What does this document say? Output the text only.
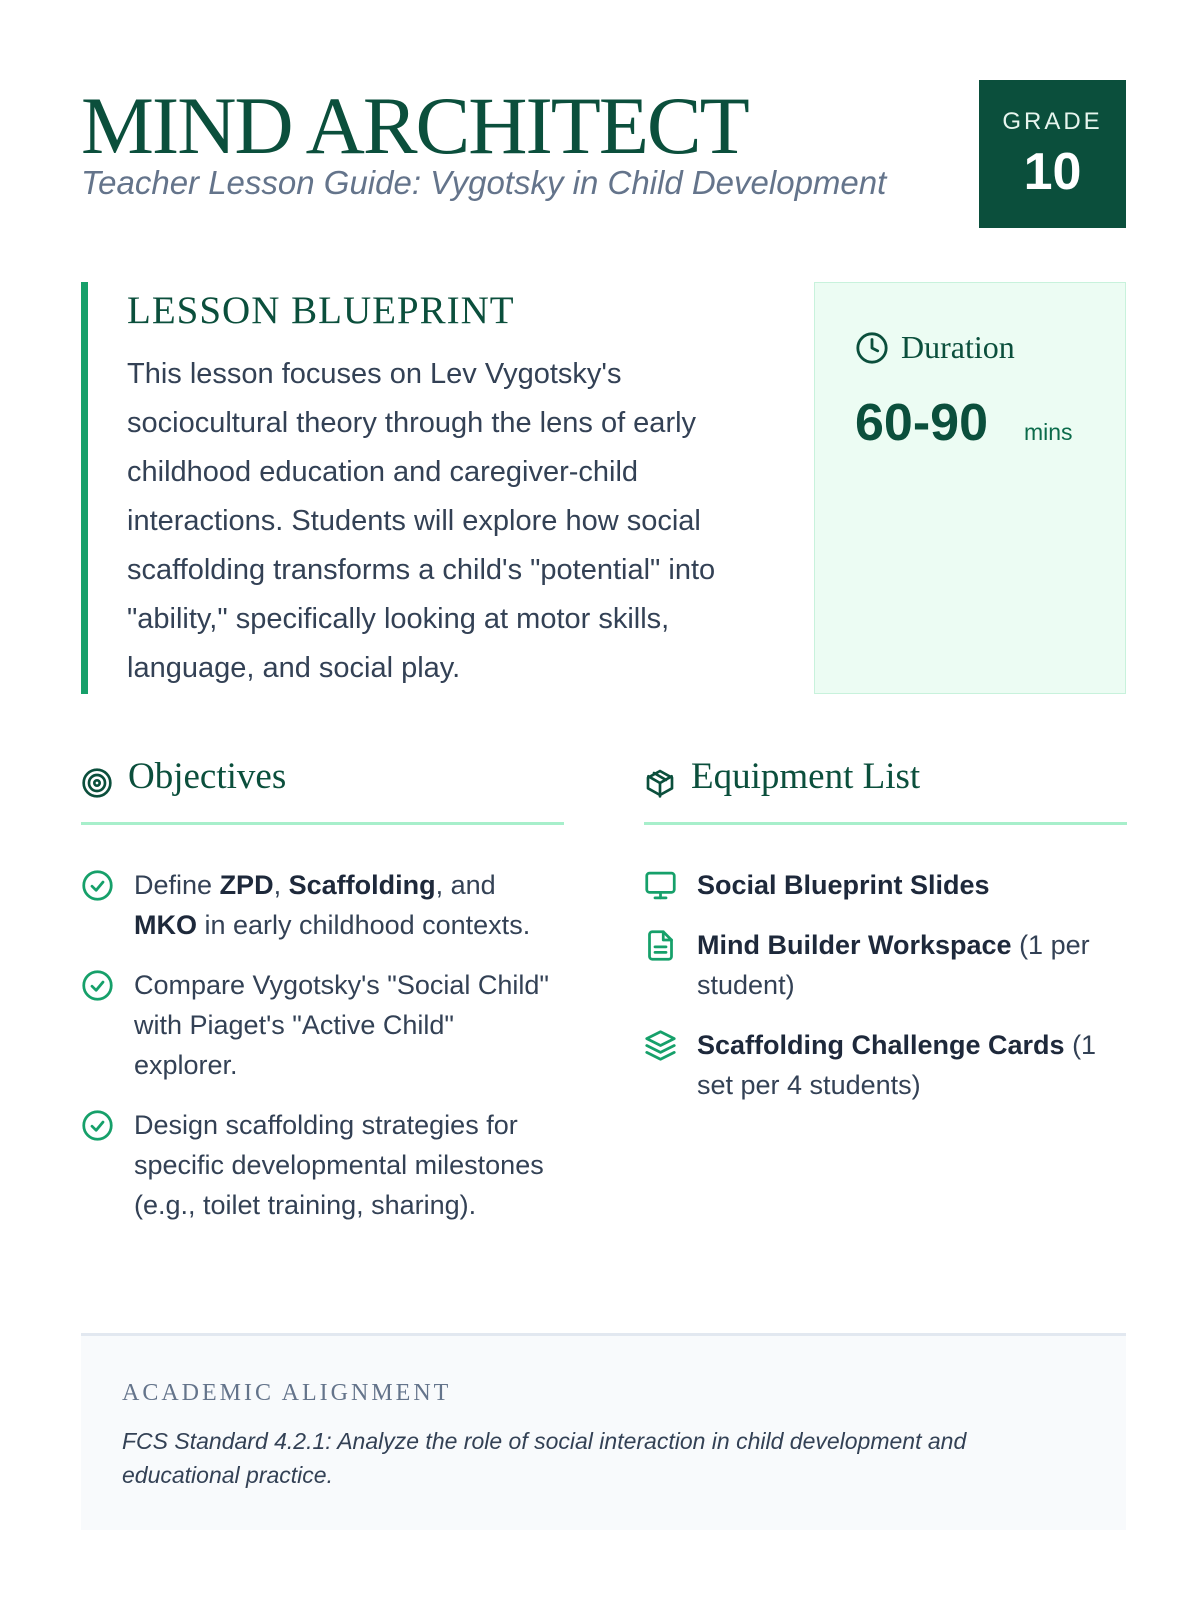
MIND ARCHITECT
Teacher Lesson Guide: Vygotsky in Child Development
GRADE
10
LESSON BLUEPRINT
This lesson focuses on Lev Vygotsky's sociocultural theory through the lens of early childhood education and caregiver-child interactions. Students will explore how social scaffolding transforms a child's "potential" into "ability," specifically looking at motor skills, language, and social play.
Duration
60-90 mins
Objectives
Define ZPD, Scaffolding, and MKO in early childhood contexts.
Compare Vygotsky's "Social Child" with Piaget's "Active Child" explorer.
Design scaffolding strategies for specific developmental milestones (e.g., toilet training, sharing).
Equipment List
Social Blueprint Slides
Mind Builder Workspace (1 per student)
Scaffolding Challenge Cards (1 set per 4 students)
ACADEMIC ALIGNMENT
FCS Standard 4.2.1: Analyze the role of social interaction in child development and educational practice.
